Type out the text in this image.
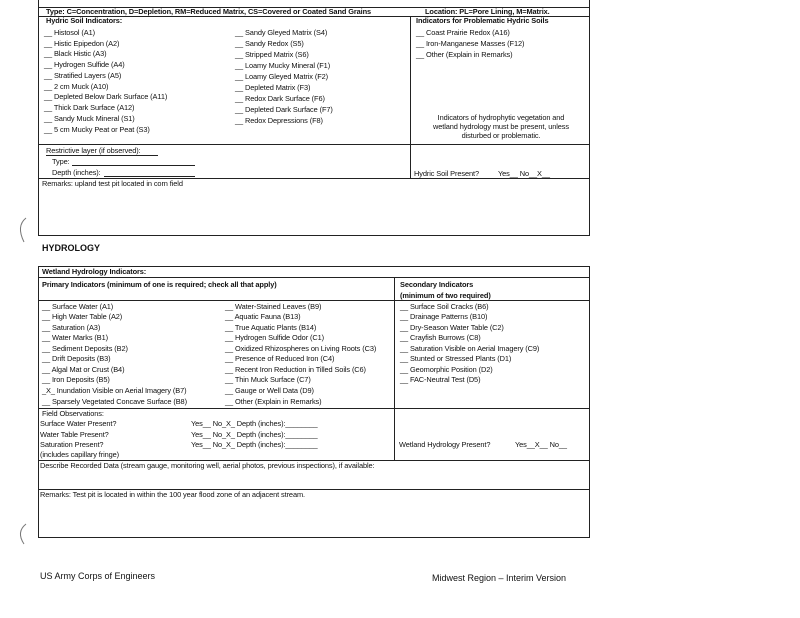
Type: C=Concentration, D=Depletion, RM=Reduced Matrix, CS=Covered or Coated Sand Grains	Location: PL=Pore Lining, M=Matrix.
Hydric Soil Indicators:	Indicators for Problematic Hydric Soils
__ Histosol (A1)
__ Histic Epipedon (A2)
__ Black Histic (A3)
__ Hydrogen Sulfide (A4)
__ Stratified Layers (A5)
__ 2 cm Muck (A10)
__ Depleted Below Dark Surface (A11)
__ Thick Dark Surface (A12)
__ Sandy Muck Mineral (S1)
__ 5 cm Mucky Peat or Peat (S3)
__ Sandy Gleyed Matrix (S4)
__ Sandy Redox (S5)
__ Stripped Matrix (S6)
__ Loamy Mucky Mineral (F1)
__ Loamy Gleyed Matrix (F2)
__ Depleted Matrix (F3)
__ Redox Dark Surface (F6)
__ Depleted Dark Surface (F7)
__ Redox Depressions (F8)
__ Coast Prairie Redox (A16)
__ Iron-Manganese Masses (F12)
__ Other (Explain in Remarks)
Indicators of hydrophytic vegetation and
wetland hydrology must be present, unless
disturbed or problematic.
Restrictive layer (if observed):
Type:
Depth (inches):	Hydric Soil Present?	Yes__ No__X__
Remarks: upland test pit located in corn field
HYDROLOGY
Wetland Hydrology Indicators:
Primary Indicators (minimum of one is required; check all that apply)	Secondary Indicators
(minimum of two required)
__ Surface Water (A1)
__ High Water Table (A2)
__ Saturation (A3)
__ Water Marks (B1)
__ Sediment Deposits (B2)
__ Drift Deposits (B3)
__ Algal Mat or Crust (B4)
__ Iron Deposits (B5)
_X_ Inundation Visible on Aerial Imagery (B7)
__ Sparsely Vegetated Concave Surface (B8)
__ Water-Stained Leaves (B9)
__ Aquatic Fauna (B13)
__ True Aquatic Plants (B14)
__ Hydrogen Sulfide Odor (C1)
__ Oxidized Rhizospheres on Living Roots (C3)
__ Presence of Reduced Iron (C4)
__ Recent Iron Reduction in Tilled Soils (C6)
__ Thin Muck Surface (C7)
__ Gauge or Well Data (D9)
__ Other (Explain in Remarks)
__ Surface Soil Cracks (B6)
__ Drainage Patterns (B10)
__ Dry-Season Water Table (C2)
__ Crayfish Burrows (C8)
__ Saturation Visible on Aerial Imagery (C9)
__ Stunted or Stressed Plants (D1)
__ Geomorphic Position (D2)
__ FAC-Neutral Test (D5)
Field Observations:
Surface Water Present?	Yes__ No_X_ Depth (inches):________
Water Table Present?	Yes__ No_X_ Depth (inches):________
Saturation Present?	Yes__ No_X_ Depth (inches):________
(includes capillary fringe)
Wetland Hydrology Present?	Yes__X__ No__
Describe Recorded Data (stream gauge, monitoring well, aerial photos, previous inspections), if available:
Remarks: Test pit is located in within the 100 year flood zone of an adjacent stream.
US Army Corps of Engineers	Midwest Region – Interim Version
